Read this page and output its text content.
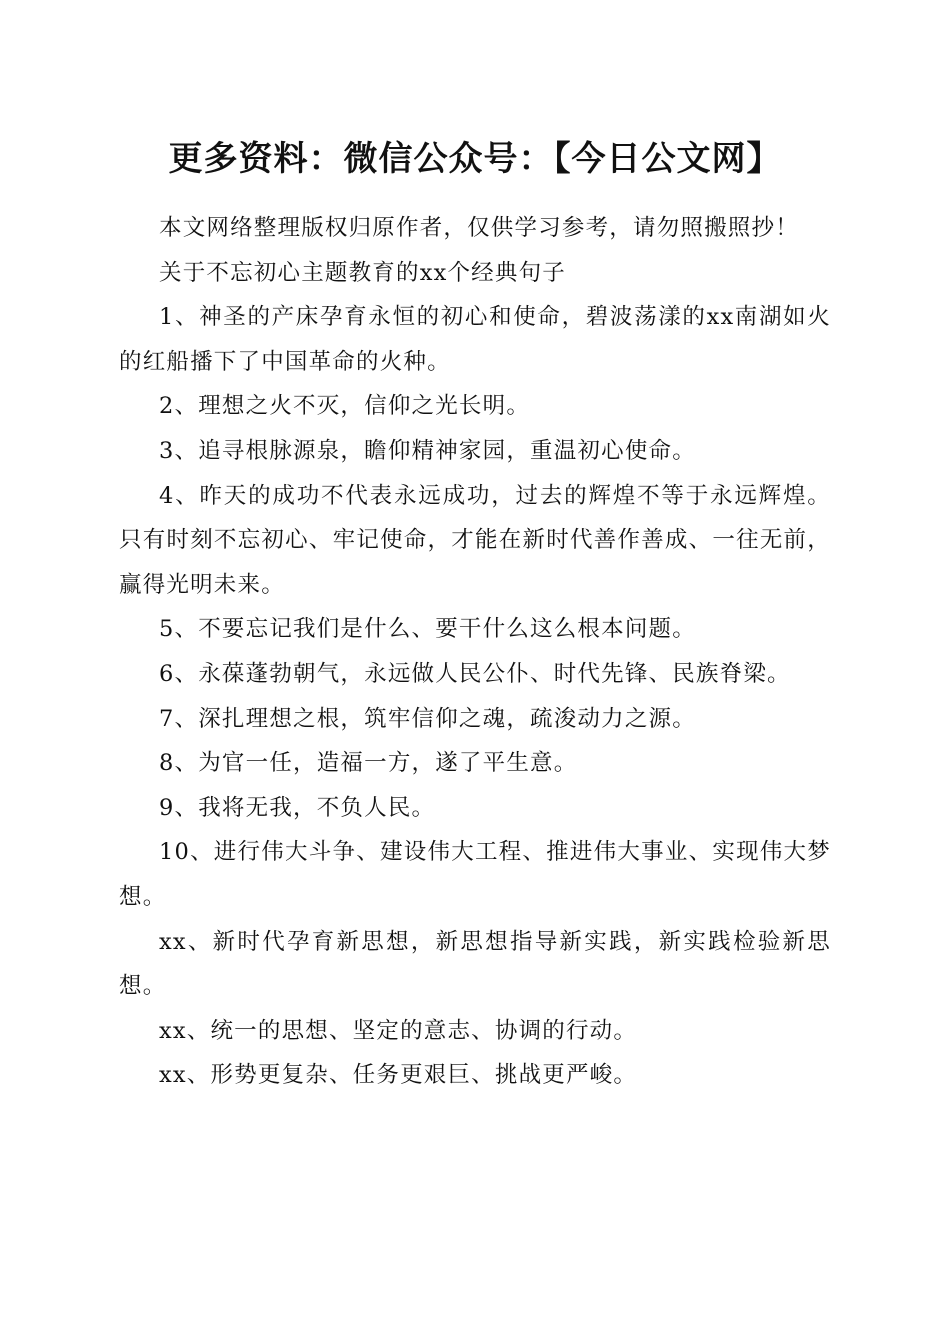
更多资料：微信公众号：【今日公文网】

本文网络整理版权归原作者，仅供学习参考，请勿照搬照抄！

关于不忘初心主题教育的xx个经典句子

1、神圣的产床孕育永恒的初心和使命，碧波荡漾的xx南湖如火的红船播下了中国革命的火种。

2、理想之火不灭，信仰之光长明。

3、追寻根脉源泉，瞻仰精神家园，重温初心使命。

4、昨天的成功不代表永远成功，过去的辉煌不等于永远辉煌。只有时刻不忘初心、牢记使命，才能在新时代善作善成、一往无前，赢得光明未来。

5、不要忘记我们是什么、要干什么这么根本问题。

6、永葆蓬勃朝气，永远做人民公仆、时代先锋、民族脊梁。

7、深扎理想之根，筑牢信仰之魂，疏浚动力之源。

8、为官一任，造福一方，遂了平生意。

9、我将无我，不负人民。

10、进行伟大斗争、建设伟大工程、推进伟大事业、实现伟大梦想。

xx、新时代孕育新思想，新思想指导新实践，新实践检验新思想。

xx、统一的思想、坚定的意志、协调的行动。

xx、形势更复杂、任务更艰巨、挑战更严峻。
